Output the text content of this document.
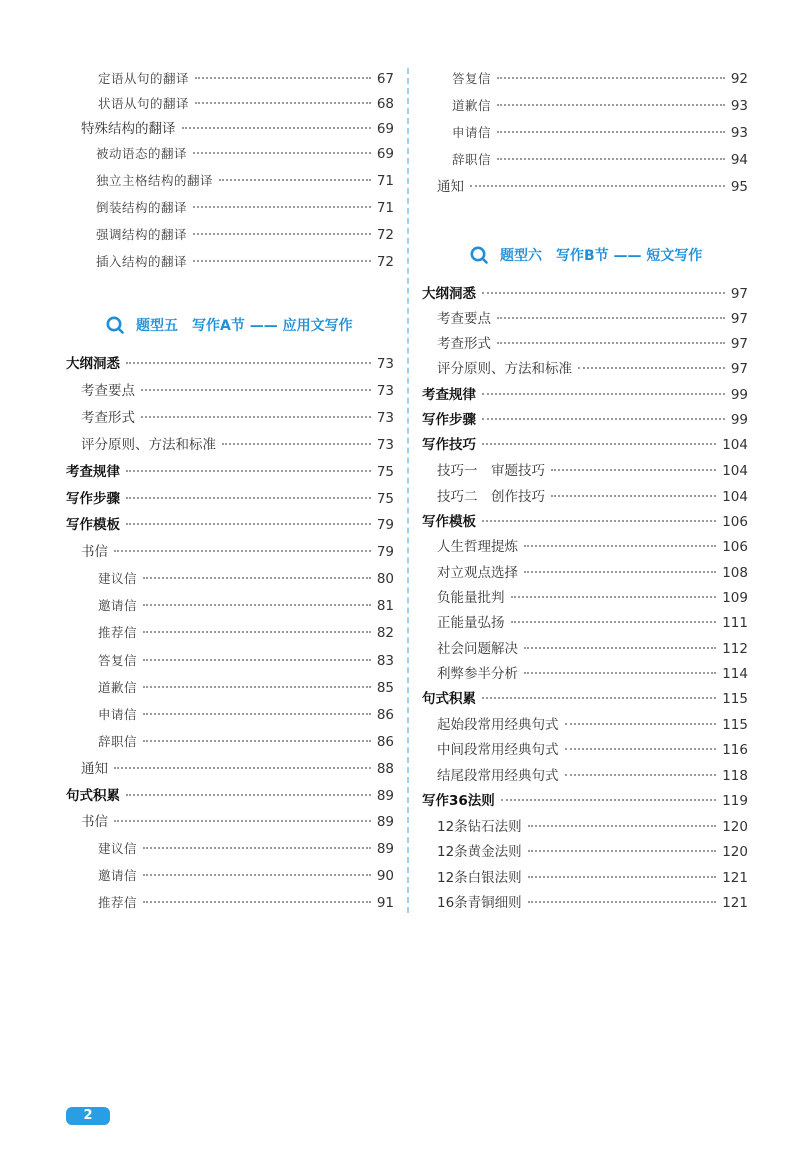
定语从句的翻译	67
状语从句的翻译	68
特殊结构的翻译	69
被动语态的翻译	69
独立主格结构的翻译	71
倒装结构的翻译	71
强调结构的翻译	72
插入结构的翻译	72
题型五　写作A节 —— 应用文写作
大纲洞悉	73
考查要点	73
考查形式	73
评分原则、方法和标准	73
考查规律	75
写作步骤	75
写作模板	79
书信	79
建议信	80
邀请信	81
推荐信	82
答复信	83
道歉信	85
申请信	86
辞职信	86
通知	88
句式积累	89
书信	89
建议信	89
邀请信	90
推荐信	91
答复信	92
道歉信	93
申请信	93
辞职信	94
通知	95
题型六　写作B节 —— 短文写作
大纲洞悉	97
考查要点	97
考查形式	97
评分原则、方法和标准	97
考查规律	99
写作步骤	99
写作技巧	104
技巧一　审题技巧	104
技巧二　创作技巧	104
写作模板	106
人生哲理提炼	106
对立观点选择	108
负能量批判	109
正能量弘扬	111
社会问题解决	112
利弊参半分析	114
句式积累	115
起始段常用经典句式	115
中间段常用经典句式	116
结尾段常用经典句式	118
写作36法则	119
12条钻石法则	120
12条黄金法则	120
12条白银法则	121
16条青铜细则	121
2
